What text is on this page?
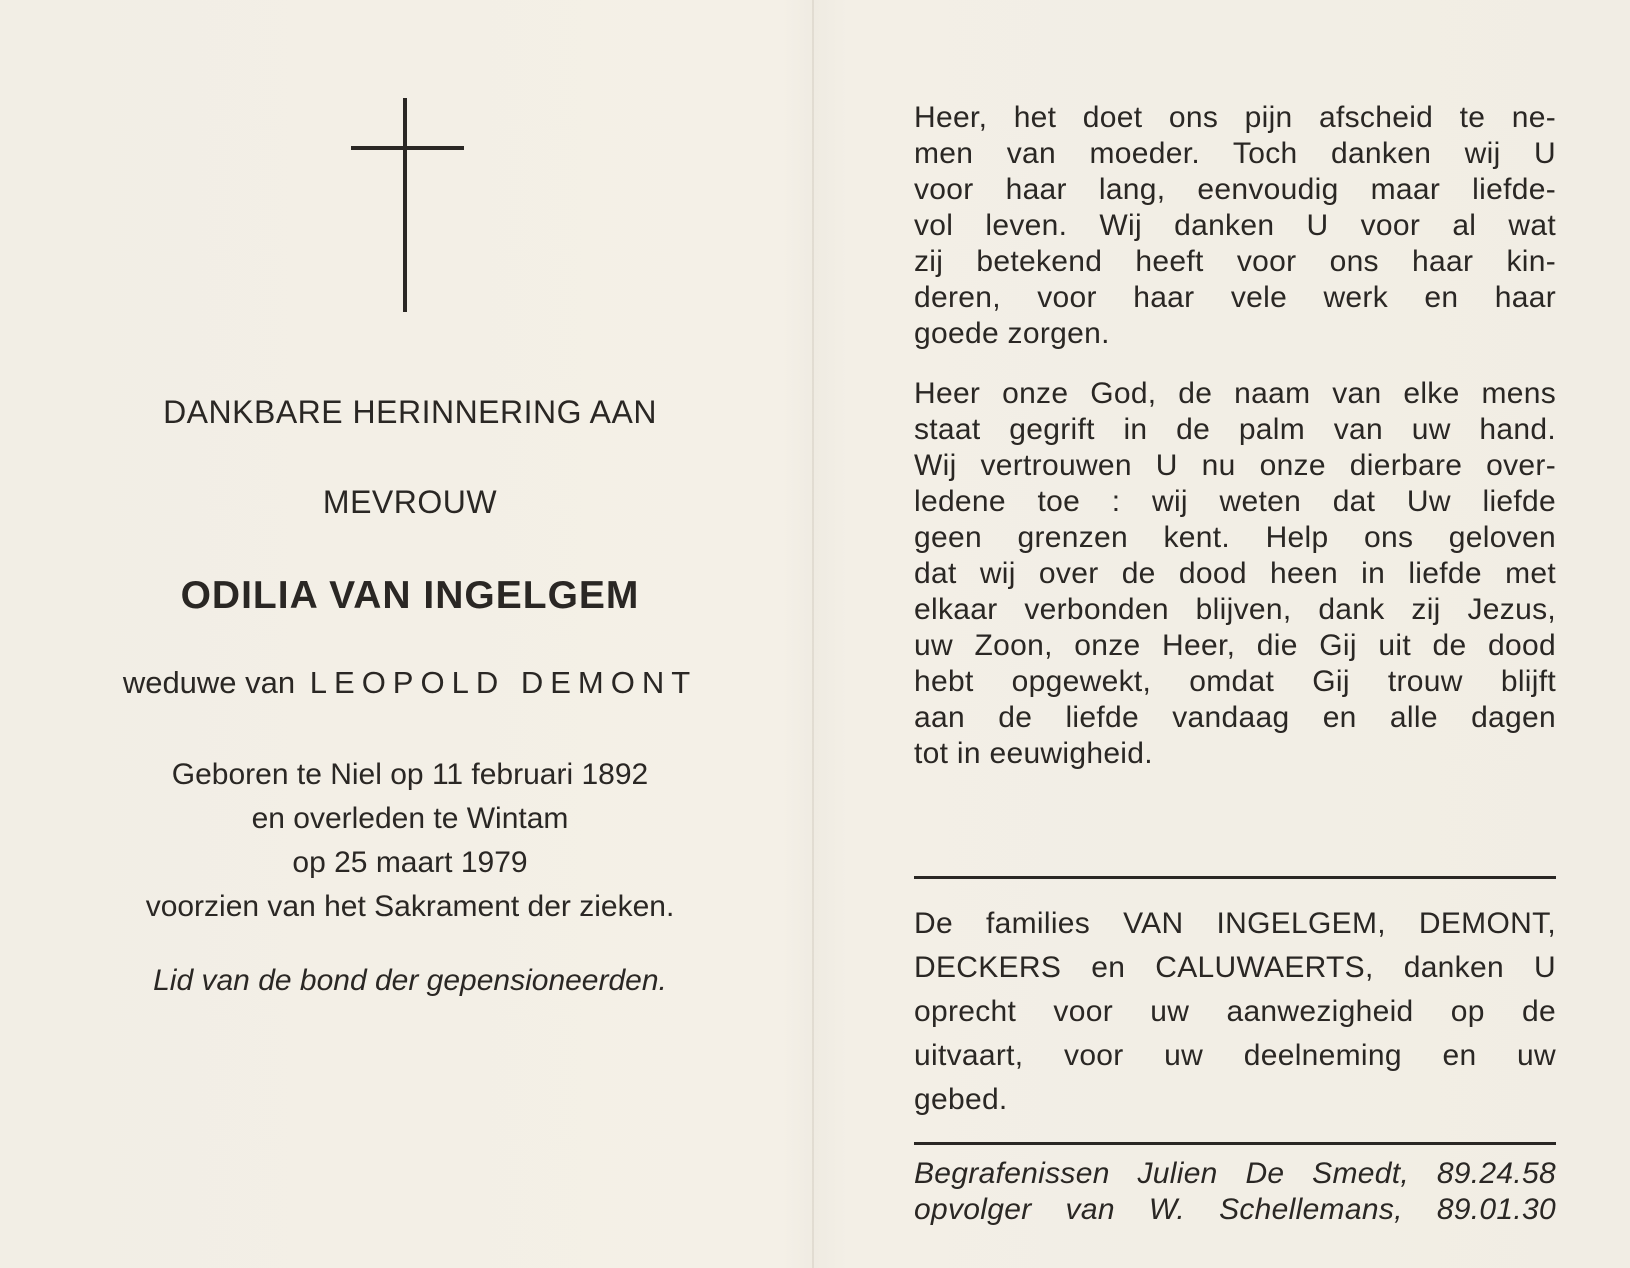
DANKBARE HERINNERING AAN

MEVROUW

ODILIA VAN INGELGEM

weduwe van LEOPOLD DEMONT

Geboren te Niel op 11 februari 1892
en overleden te Wintam
op 25 maart 1979
voorzien van het Sakrament der zieken.

Lid van de bond der gepensioneerden.

Heer, het doet ons pijn afscheid te ne-
men van moeder. Toch danken wij U
voor haar lang, eenvoudig maar liefde-
vol leven. Wij danken U voor al wat
zij betekend heeft voor ons haar kin-
deren, voor haar vele werk en haar
goede zorgen.
Heer onze God, de naam van elke mens
staat gegrift in de palm van uw hand.
Wij vertrouwen U nu onze dierbare over-
ledene toe : wij weten dat Uw liefde
geen grenzen kent. Help ons geloven
dat wij over de dood heen in liefde met
elkaar verbonden blijven, dank zij Jezus,
uw Zoon, onze Heer, die Gij uit de dood
hebt opgewekt, omdat Gij trouw blijft
aan de liefde vandaag en alle dagen
tot in eeuwigheid.
De families VAN INGELGEM, DEMONT,
DECKERS en CALUWAERTS, danken U
oprecht voor uw aanwezigheid op de
uitvaart, voor uw deelneming en uw
gebed.
Begrafenissen Julien De Smedt, 89.24.58
opvolger van W. Schellemans, 89.01.30
